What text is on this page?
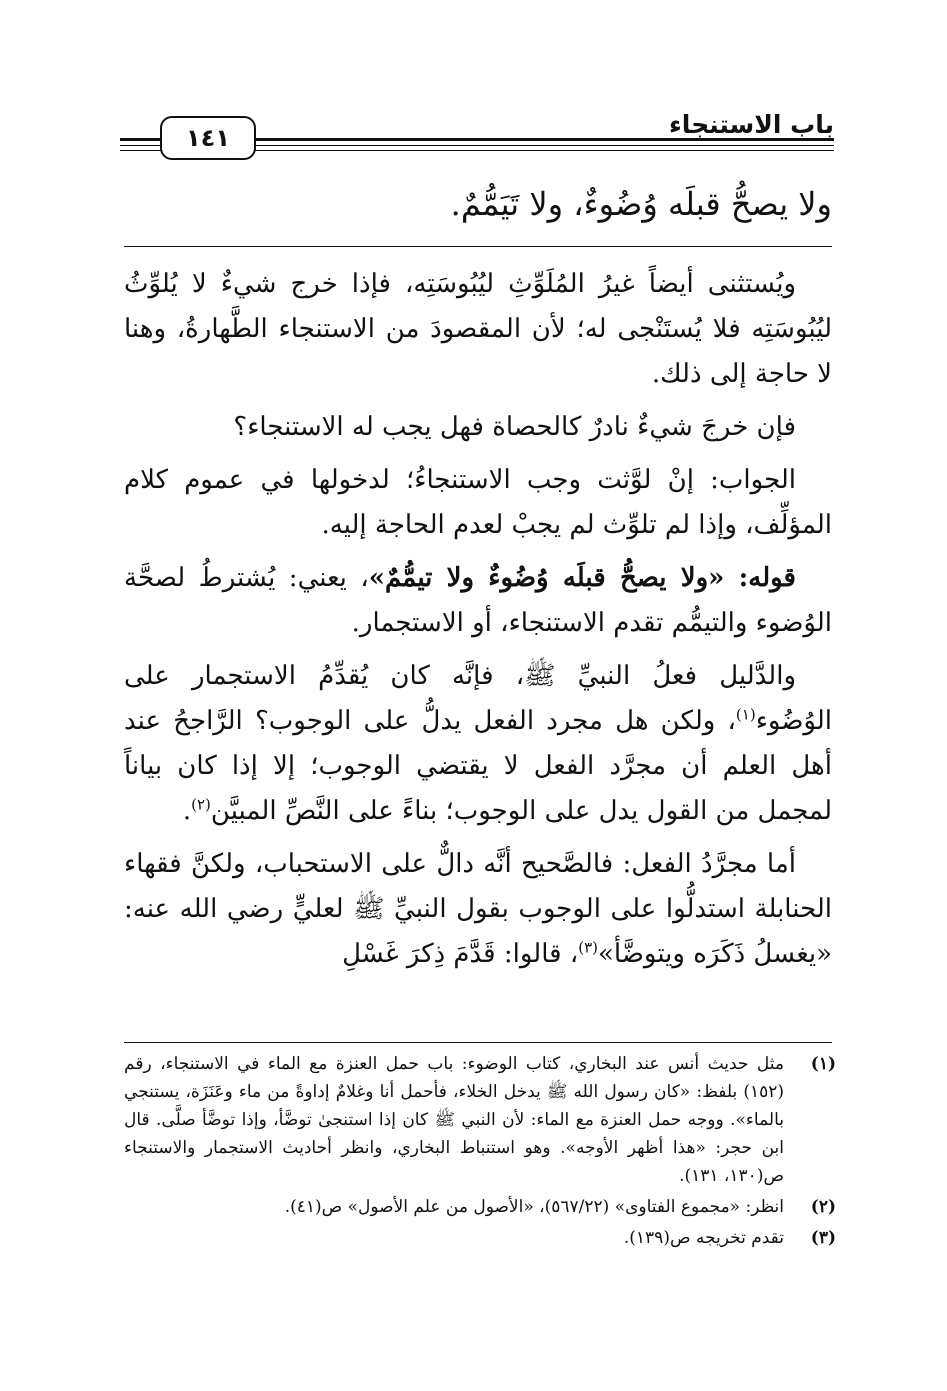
١٤١	باب الاستنجاء
ولا يصحُّ قبلَه وُضُوءٌ، ولا تَيَمُّمٌ.

ويُستثنى أيضاً غيرُ المُلَوِّثِ ليُبُوسَتِه، فإذا خرج شيءٌ لا يُلوِّثُ ليُبُوسَتِه فلا يُستَنْجى له؛ لأن المقصودَ من الاستنجاء الطَّهارةُ، وهنا لا حاجة إلى ذلك.

فإن خرجَ شيءٌ نادرٌ كالحصاة فهل يجب له الاستنجاء؟

الجواب: إنْ لوَّثت وجب الاستنجاءُ؛ لدخولها في عموم كلام المؤلِّف، وإذا لم تلوِّث لم يجبْ لعدم الحاجة إليه.

قوله: «ولا يصحُّ قبلَه وُضُوءٌ ولا تيمُّمٌ»، يعني: يُشترطُ لصحَّة الوُضوء والتيمُّم تقدم الاستنجاء، أو الاستجمار.

والدَّليل فعلُ النبيِّ ﷺ، فإنَّه كان يُقدِّمُ الاستجمار على الوُضُوء$^{(١)}$، ولكن هل مجرد الفعل يدلُّ على الوجوب؟ الرَّاجحُ عند أهل العلم أن مجرَّد الفعل لا يقتضي الوجوب؛ إلا إذا كان بياناً لمجمل من القول يدل على الوجوب؛ بناءً على النَّصِّ المبيَّن$^{(٢)}$.

أما مجرَّدُ الفعل: فالصَّحيح أنَّه دالٌّ على الاستحباب، ولكنَّ فقهاء الحنابلة استدلُّوا على الوجوب بقول النبيِّ ﷺ لعليٍّ رضي الله عنه: «يغسلُ ذَكَرَه ويتوضَّأ»$^{(٣)}$، قالوا: قَدَّمَ ذِكرَ غَسْلِ

(١)
مثل حديث أنس عند البخاري، كتاب الوضوء: باب حمل العنزة مع الماء في الاستنجاء، رقم (١٥٢) بلفظ: «كان رسول الله ﷺ يدخل الخلاء، فأحمل أنا وغلامٌ إداوةً من ماء وعَنَزَة، يستنجي بالماء». ووجه حمل العنزة مع الماء: لأن النبي ﷺ كان إذا استنجىٰ توضَّأ، وإذا توضَّأ صلَّى. قال ابن حجر: «هذا أظهر الأوجه». وهو استنباط البخاري، وانظر أحاديث الاستجمار والاستنجاء ص(١٣٠، ١٣١).
(٢)
انظر: «مجموع الفتاوى» (٥٦٧/٢٢)، «الأصول من علم الأصول» ص(٤١).
(٣)
تقدم تخريجه ص(١٣٩).
